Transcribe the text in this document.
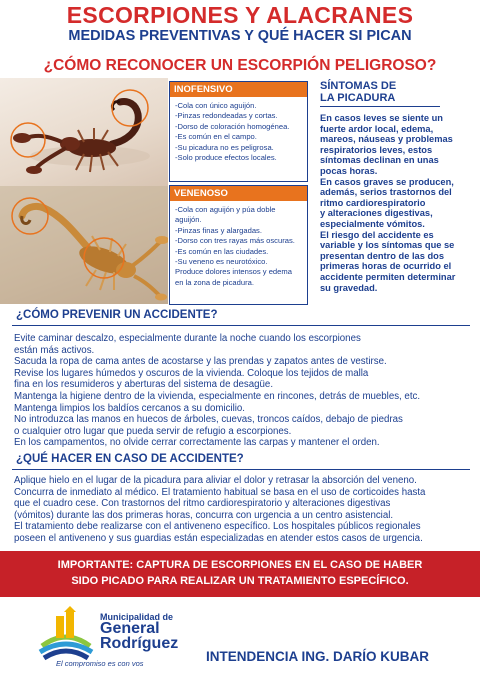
ESCORPIONES Y ALACRANES
MEDIDAS PREVENTIVAS Y QUÉ HACER SI PICAN
¿CÓMO RECONOCER UN ESCORPIÓN PELIGROSO?
INOFENSIVO
-Cola con único aguijón.
-Pinzas redondeadas y cortas.
-Dorso de coloración homogénea.
-Es común en el campo.
-Su picadura no es peligrosa.
-Solo produce efectos locales.
VENENOSO
-Cola con aguijón y púa doble
aguijón.
-Pinzas finas y alargadas.
-Dorso con tres rayas más oscuras.
-Es común en las ciudades.
-Su veneno es neurotóxico.
Produce dolores intensos y edema
en la zona de picadura.
SÍNTOMAS DE
LA PICADURA
En casos leves se siente un
fuerte ardor local, edema,
mareos, náuseas y problemas
respiratorios leves, estos
síntomas declinan en unas
pocas horas.
En casos graves se producen,
además, serios trastornos del
ritmo cardiorespiratorio
y alteraciones digestivas,
especialmente vómitos.
El riesgo del accidente es
variable y los síntomas que se
presentan dentro de las dos
primeras horas de ocurrido el
accidente permiten determinar
su gravedad.
¿CÓMO PREVENIR UN ACCIDENTE?
Evite caminar descalzo, especialmente durante la noche cuando los escorpiones
están más activos.
Sacuda la ropa de cama antes de acostarse y las prendas y zapatos antes de vestirse.
Revise los lugares húmedos y oscuros de la vivienda. Coloque los tejidos de malla
fina en los resumideros y aberturas del sistema de desagüe.
Mantenga la higiene dentro de la vivienda, especialmente en rincones, detrás de muebles, etc.
Mantenga limpios los baldíos cercanos a su domicilio.
No introduzca las manos en huecos de árboles, cuevas, troncos caídos, debajo de piedras
o cualquier otro lugar que pueda servir de refugio a escorpiones.
En los campamentos, no olvide cerrar correctamente las carpas y mantener el orden.
¿QUÉ HACER EN CASO DE ACCIDENTE?
Aplique hielo en el lugar de la picadura para aliviar el dolor y retrasar la absorción del veneno.
Concurra de inmediato al médico. El tratamiento habitual se basa en el uso de corticoides hasta
que el cuadro cese. Con trastornos del ritmo cardiorespiratorio y alteraciones digestivas
(vómitos) durante las dos primeras horas, concurra con urgencia a un centro asistencial.
El tratamiento debe realizarse con el antiveneno específico. Los hospitales públicos regionales
poseen el antiveneno y sus guardias están especializadas en atender estos casos de urgencia.
IMPORTANTE: CAPTURA DE ESCORPIONES EN EL CASO DE HABER
SIDO PICADO PARA REALIZAR UN TRATAMIENTO ESPECÍFICO.
Municipalidad de
General
Rodríguez
El compromiso es con vos	INTENDENCIA ING. DARÍO KUBAR
